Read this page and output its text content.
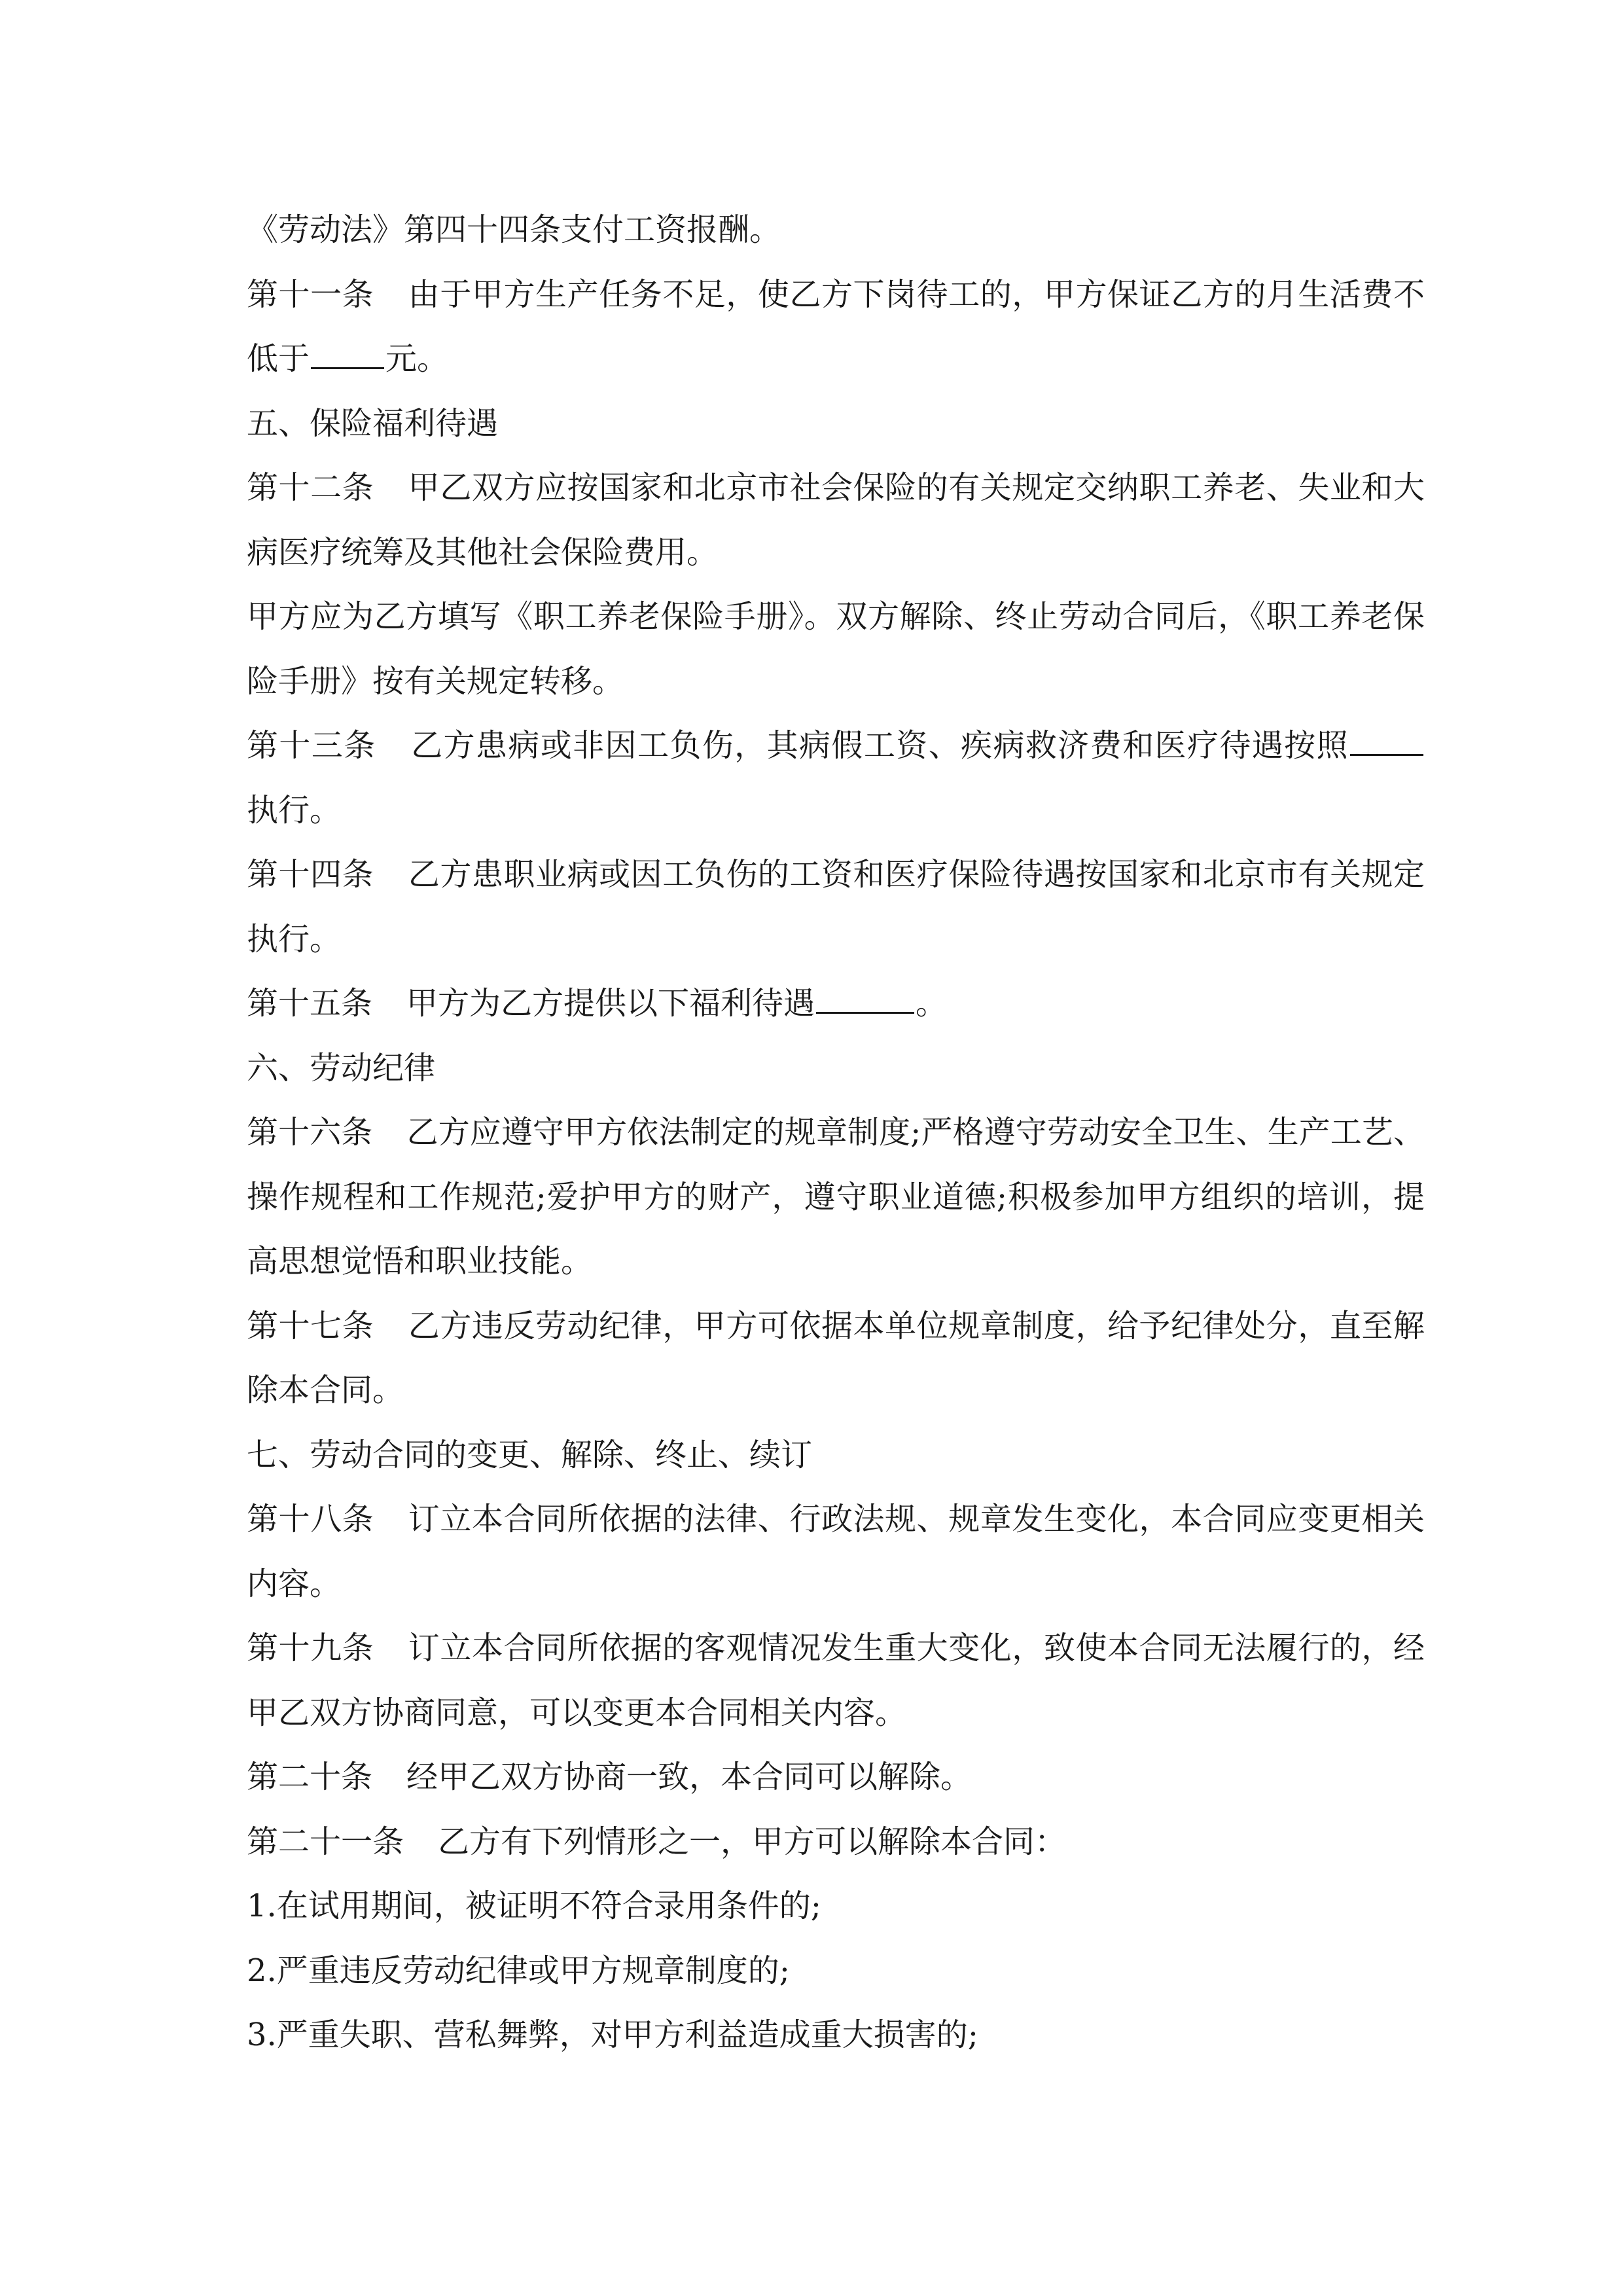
《劳动法》第四十四条支付工资报酬。

第十一条 由于甲方生产任务不足，使乙方下岗待工的，甲方保证乙方的月生活费不低于 元。

五、保险福利待遇

第十二条 甲乙双方应按国家和北京市社会保险的有关规定交纳职工养老、失业和大病医疗统筹及其他社会保险费用。

甲方应为乙方填写《职工养老保险手册》。双方解除、终止劳动合同后，《职工养老保险手册》按有关规定转移。

第十三条 乙方患病或非因工负伤，其病假工资、疾病救济费和医疗待遇按照执行。

第十四条 乙方患职业病或因工负伤的工资和医疗保险待遇按国家和北京市有关规定执行。

第十五条 甲方为乙方提供以下福利待遇	。

六、劳动纪律

第十六条 乙方应遵守甲方依法制定的规章制度;严格遵守劳动安全卫生、生产工艺、操作规程和工作规范;爱护甲方的财产，遵守职业道德;积极参加甲方组织的培训，提高思想觉悟和职业技能。

第十七条 乙方违反劳动纪律，甲方可依据本单位规章制度，给予纪律处分，直至解除本合同。

七、劳动合同的变更、解除、终止、续订

第十八条 订立本合同所依据的法律、行政法规、规章发生变化，本合同应变更相关内容。

第十九条 订立本合同所依据的客观情况发生重大变化，致使本合同无法履行的，经甲乙双方协商同意，可以变更本合同相关内容。

第二十条 经甲乙双方协商一致，本合同可以解除。

第二十一条 乙方有下列情形之一，甲方可以解除本合同：

1.在试用期间，被证明不符合录用条件的;

2.严重违反劳动纪律或甲方规章制度的;

3.严重失职、营私舞弊，对甲方利益造成重大损害的;
